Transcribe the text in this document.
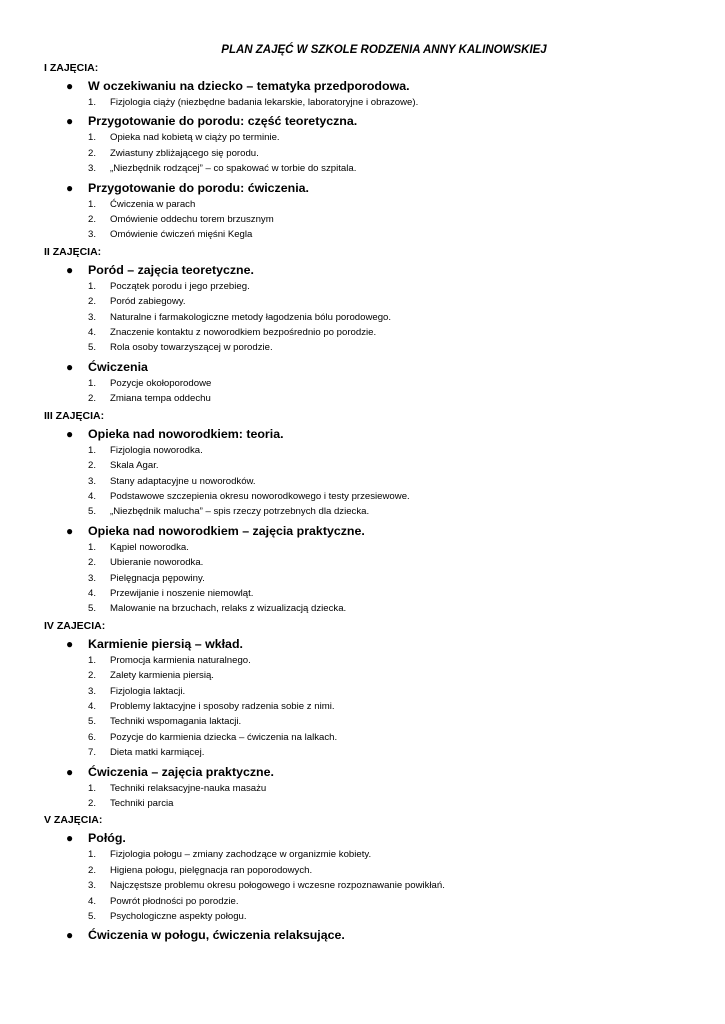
PLAN ZAJĘĆ W SZKOLE RODZENIA ANNY KALINOWSKIEJ

I ZAJĘCIA:

● W oczekiwaniu na dziecko – tematyka przedporodowa.
1. Fizjologia ciąży (niezbędne badania lekarskie, laboratoryjne i obrazowe).
● Przygotowanie do porodu: część teoretyczna.
1. Opieka nad kobietą w ciąży po terminie.
2. Zwiastuny zbliżającego się porodu.
3. „Niezbędnik rodzącej” – co spakować w torbie do szpitala.
● Przygotowanie do porodu: ćwiczenia.
1. Ćwiczenia w parach
2. Omówienie oddechu torem brzusznym
3. Omówienie ćwiczeń mięśni Kegla

II ZAJĘCIA:

● Poród – zajęcia teoretyczne.
1. Początek porodu i jego przebieg.
2. Poród zabiegowy.
3. Naturalne i farmakologiczne metody łagodzenia bólu porodowego.
4. Znaczenie kontaktu z noworodkiem bezpośrednio po porodzie.
5. Rola osoby towarzyszącej w porodzie.
● Ćwiczenia
1. Pozycje okołoporodowe
2. Zmiana tempa oddechu

III ZAJĘCIA:

● Opieka nad noworodkiem: teoria.
1. Fizjologia noworodka.
2. Skala Agar.
3. Stany adaptacyjne u noworodków.
4. Podstawowe szczepienia okresu noworodkowego i testy przesiewowe.
5. „Niezbędnik malucha” – spis rzeczy potrzebnych dla dziecka.
● Opieka nad noworodkiem – zajęcia praktyczne.
1. Kąpiel noworodka.
2. Ubieranie noworodka.
3. Pielęgnacja pępowiny.
4. Przewijanie i noszenie niemowląt.
5. Malowanie na brzuchach, relaks z wizualizacją dziecka.

IV ZAJECIA:

● Karmienie piersią – wkład.
1. Promocja karmienia naturalnego.
2. Zalety karmienia piersią.
3. Fizjologia laktacji.
4. Problemy laktacyjne i sposoby radzenia sobie z nimi.
5. Techniki wspomagania laktacji.
6. Pozycje do karmienia dziecka – ćwiczenia na lalkach.
7. Dieta matki karmiącej.
● Ćwiczenia – zajęcia praktyczne.
1. Techniki relaksacyjne-nauka masażu
2. Techniki parcia

V ZAJĘCIA:

● Połóg.
1. Fizjologia połogu – zmiany zachodzące w organizmie kobiety.
2. Higiena połogu, pielęgnacja ran poporodowych.
3. Najczęstsze problemu okresu połogowego i wczesne rozpoznawanie powikłań.
4. Powrót płodności po porodzie.
5. Psychologiczne aspekty połogu.
● Ćwiczenia w połogu, ćwiczenia relaksujące.
